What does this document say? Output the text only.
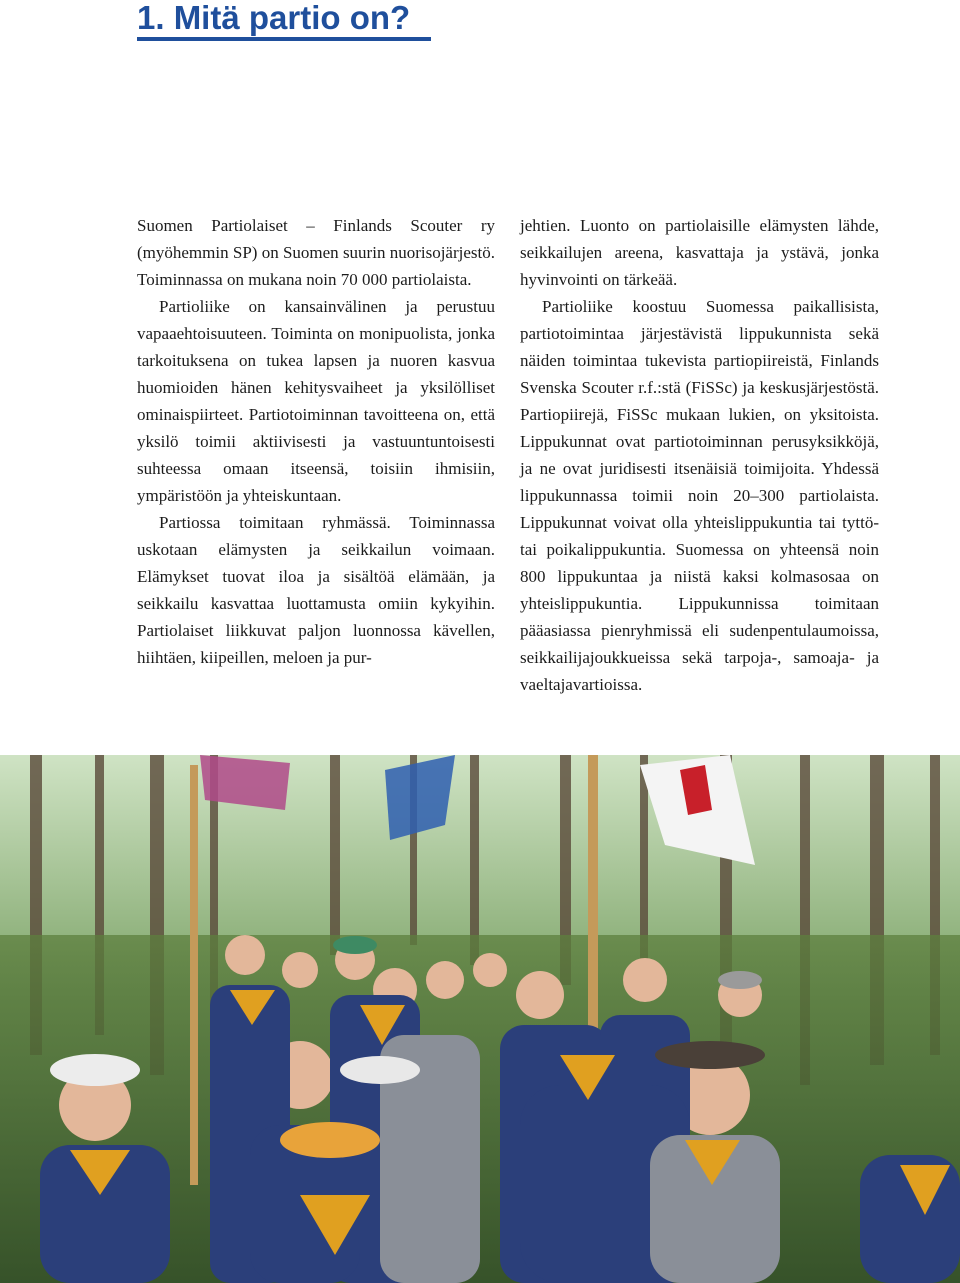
1. Mitä partio on?

Suomen Partiolaiset – Finlands Scouter ry (myöhemmin SP) on Suomen suurin nuorisojärjestö. Toiminnassa on mukana noin 70 000 partiolaista.

Partioliike on kansainvälinen ja perustuu vapaaehtoisuuteen. Toiminta on monipuolista, jonka tarkoituksena on tukea lapsen ja nuoren kasvua huomioiden hänen kehitysvaiheet ja yksilölliset ominaispiirteet. Partiotoiminnan tavoitteena on, että yksilö toimii aktiivisesti ja vastuuntuntoisesti suhteessa omaan itseensä, toisiin ihmisiin, ympäristöön ja yhteiskuntaan.

Partiossa toimitaan ryhmässä. Toiminnassa uskotaan elämysten ja seikkailun voimaan. Elämykset tuovat iloa ja sisältöä elämään, ja seikkailu kasvattaa luottamusta omiin kykyihin. Partiolaiset liikkuvat paljon luonnossa kävellen, hiihtäen, kiipeillen, meloen ja pur-

jehtien. Luonto on partiolaisille elämysten lähde, seikkailujen areena, kasvattaja ja ystävä, jonka hyvinvointi on tärkeää.

Partioliike koostuu Suomessa paikallisista, partiotoimintaa järjestävistä lippukunnista sekä näiden toimintaa tukevista partiopiireistä, Finlands Svenska Scouter r.f.:stä (FiSSc) ja keskusjärjestöstä. Partiopiirejä, FiSSc mukaan lukien, on yksitoista. Lippukunnat ovat partiotoiminnan perusyksikköjä, ja ne ovat juridisesti itsenäisiä toimijoita. Yhdessä lippukunnassa toimii noin 20–300 partiolaista. Lippukunnat voivat olla yhteislippukuntia tai tyttö- tai poikalippukuntia. Suomessa on yhteensä noin 800 lippukuntaa ja niistä kaksi kolmasosaa on yhteislippukuntia. Lippukunnissa toimitaan pääasiassa pienryhmissä eli sudenpentulaumoissa, seikkailijajoukkueissa sekä tarpoja-, samoaja- ja vaeltajavartioissa.
